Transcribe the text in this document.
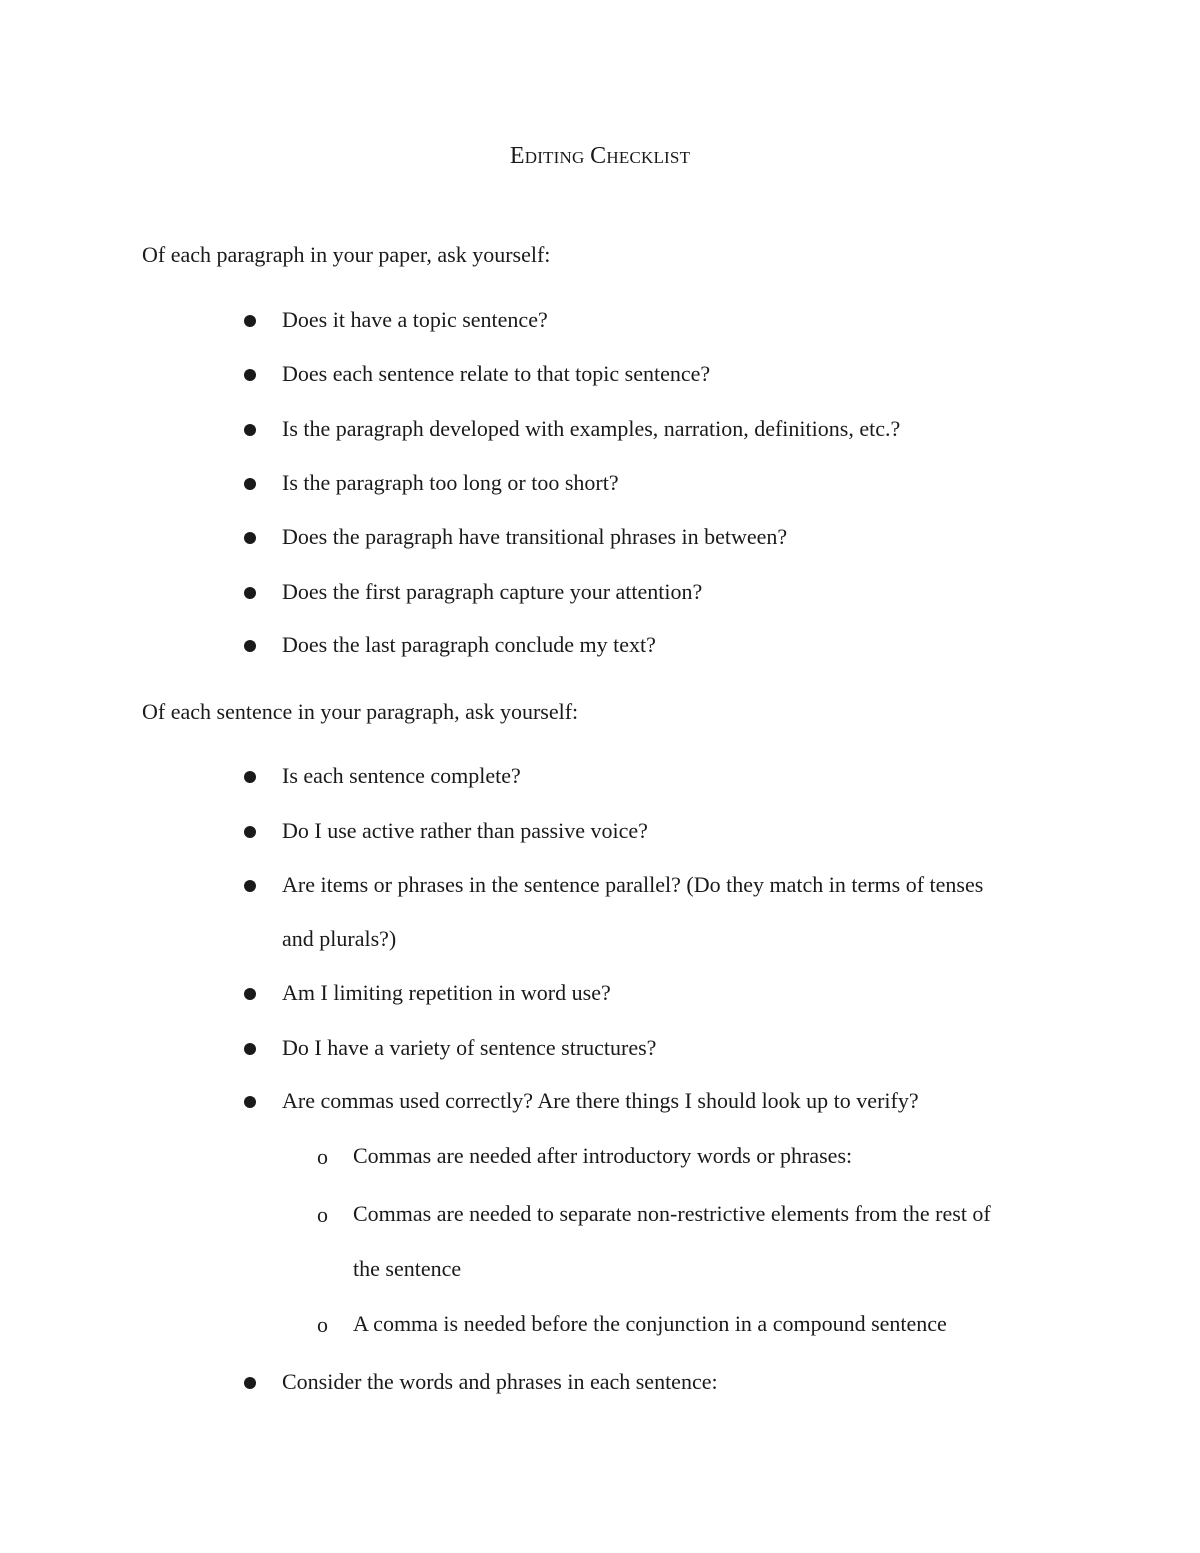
EDITING CHECKLIST
Of each paragraph in your paper, ask yourself:
Does it have a topic sentence?
Does each sentence relate to that topic sentence?
Is the paragraph developed with examples, narration, definitions, etc.?
Is the paragraph too long or too short?
Does the paragraph have transitional phrases in between?
Does the first paragraph capture your attention?
Does the last paragraph conclude my text?
Of each sentence in your paragraph, ask yourself:
Is each sentence complete?
Do I use active rather than passive voice?
Are items or phrases in the sentence parallel? (Do they match in terms of tenses
and plurals?)
Am I limiting repetition in word use?
Do I have a variety of sentence structures?
Are commas used correctly? Are there things I should look up to verify?
o Commas are needed after introductory words or phrases:
o Commas are needed to separate non-restrictive elements from the rest of
the sentence
o A comma is needed before the conjunction in a compound sentence
Consider the words and phrases in each sentence:
